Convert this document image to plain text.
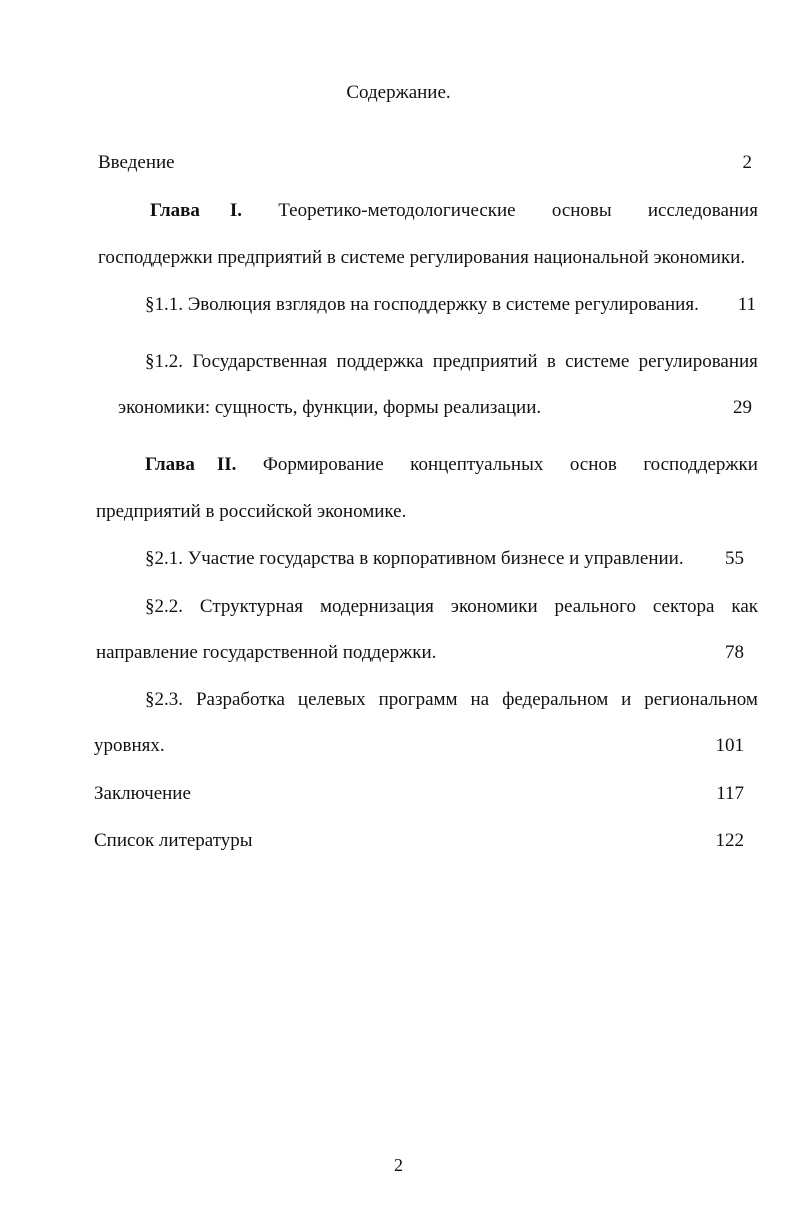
Содержание.
Введение	2
Глава I. Теоретико-методологические основы исследования
господдержки предприятий в системе регулирования национальной экономики.
§1.1. Эволюция взглядов на господдержку в системе регулирования.	11
§1.2. Государственная поддержка предприятий в системе регулирования
экономики: сущность, функции, формы реализации.	29
Глава II. Формирование концептуальных основ господдержки
предприятий в российской экономике.
§2.1. Участие государства в корпоративном бизнесе и управлении.	55
§2.2. Структурная модернизация экономики реального сектора как
направление государственной поддержки.	78
§2.3. Разработка целевых программ на федеральном и региональном
уровнях.	101
Заключение	117
Список литературы	122
2
